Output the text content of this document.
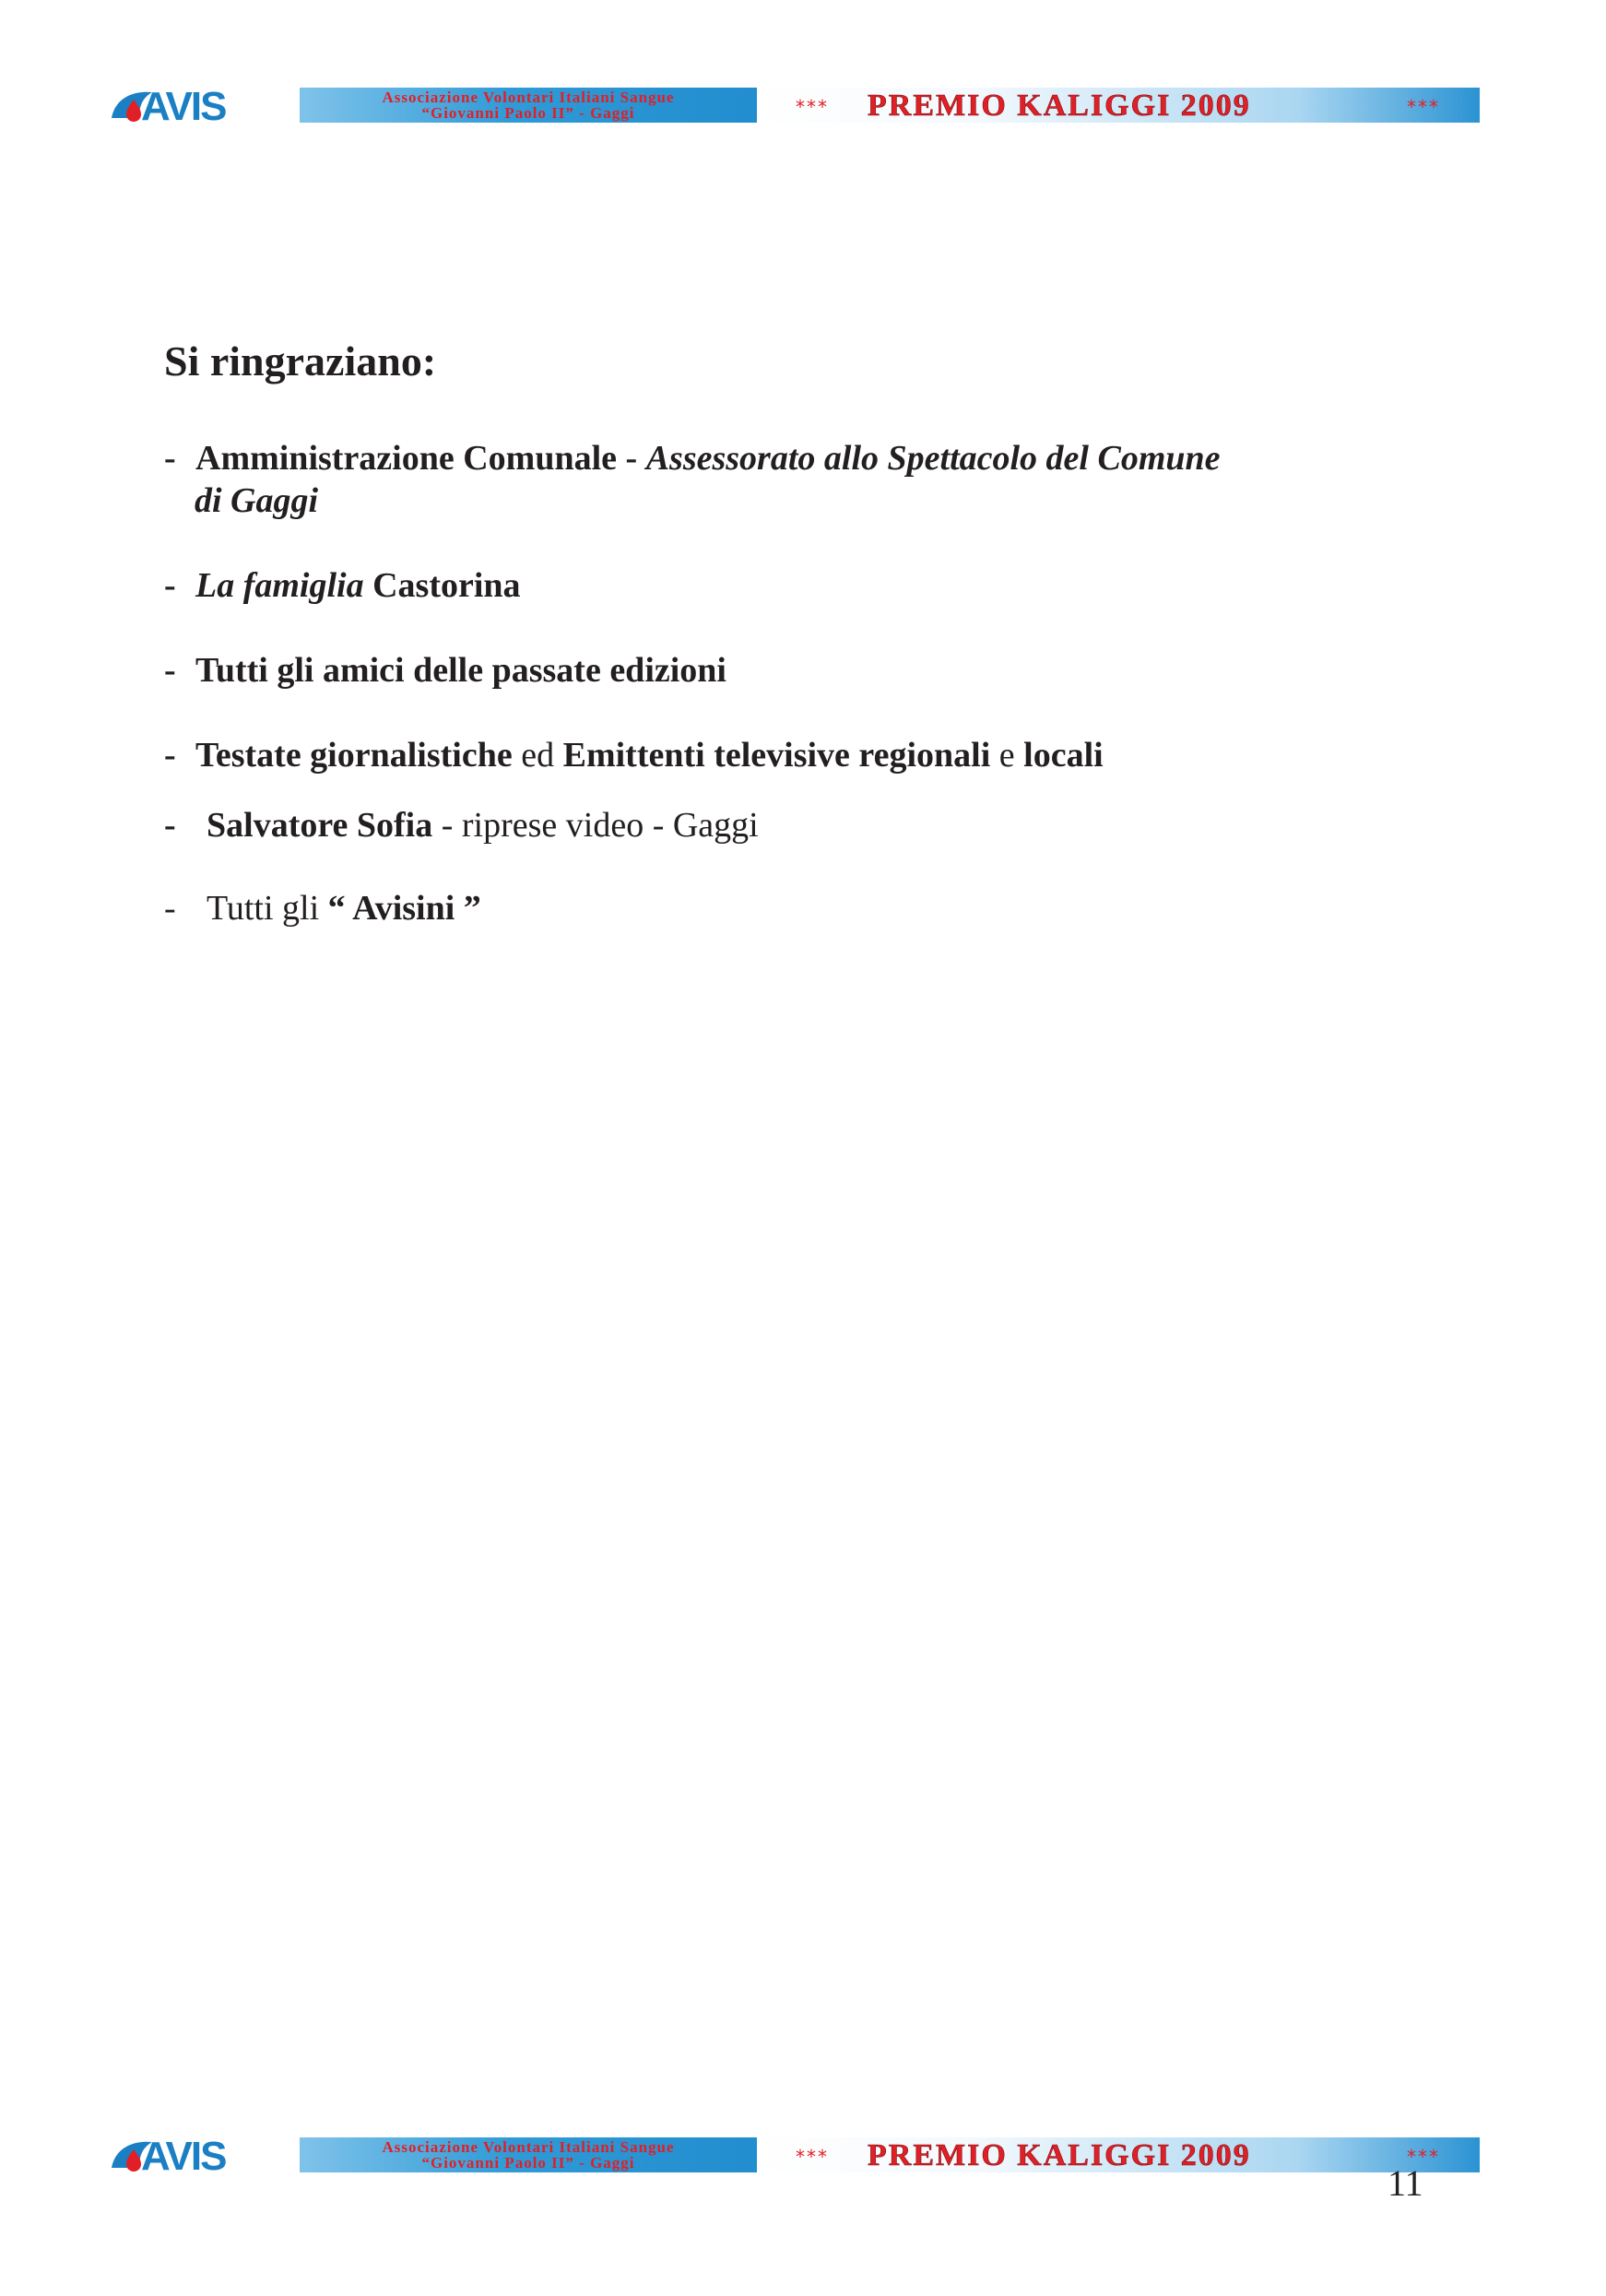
AVIS	Associazione Volontari Italiani Sangue
“Giovanni Paolo II” - Gaggi	*** PREMIO KALIGGI 2009	***
Si ringraziano:
- Amministrazione Comunale - Assessorato allo Spettacolo del Comune
di Gaggi
- La famiglia Castorina
- Tutti gli amici delle passate edizioni
- Testate giornalistiche ed Emittenti televisive regionali e locali
- Salvatore Sofia - riprese video - Gaggi
- Tutti gli “ Avisini ”
AVIS	Associazione Volontari Italiani Sangue
“Giovanni Paolo II” - Gaggi	*** PREMIO KALIGGI 2009	***
11
